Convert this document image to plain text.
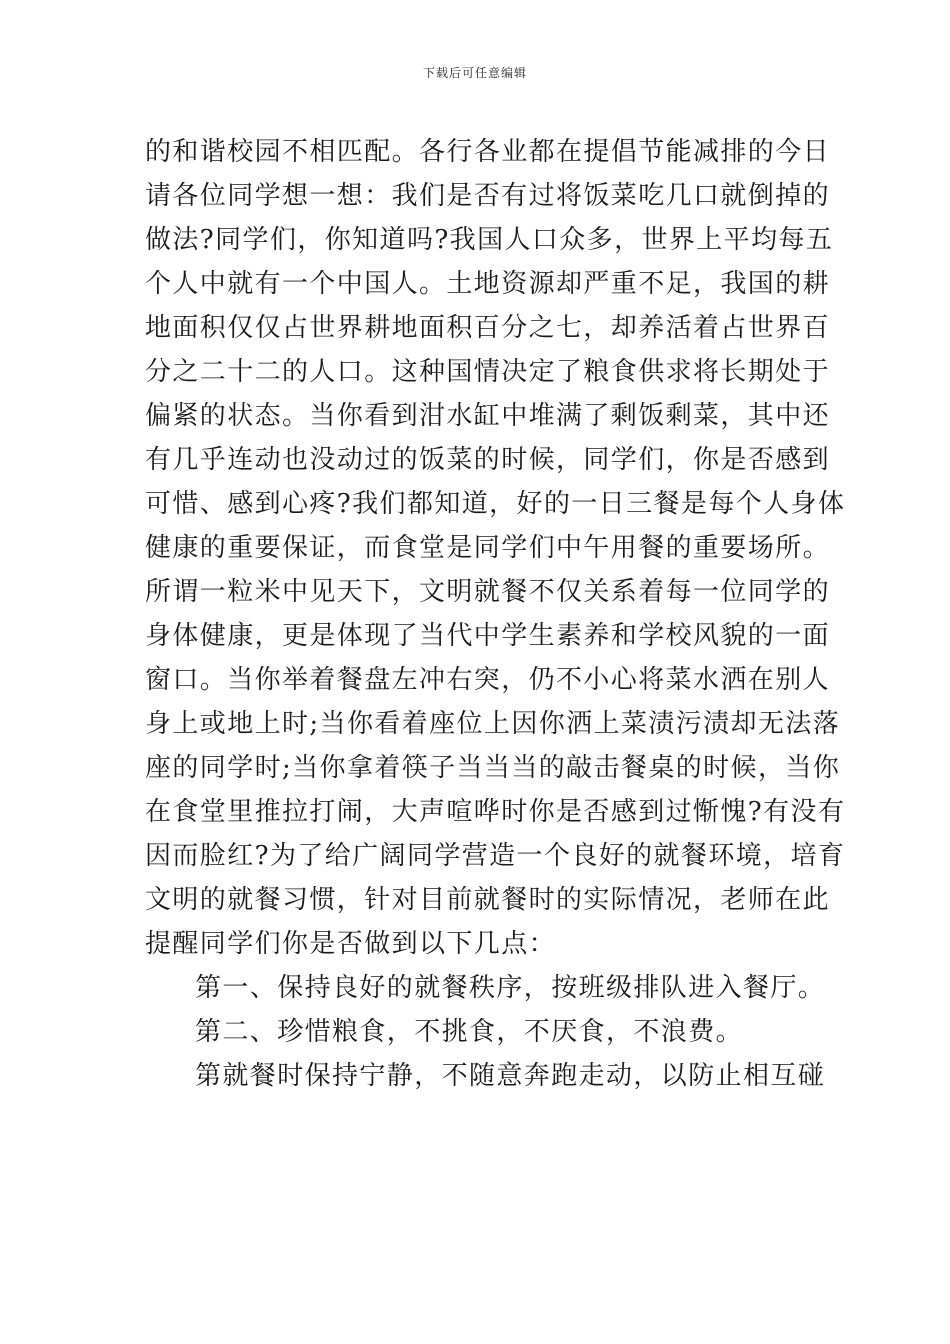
下载后可任意编辑
的和谐校园不相匹配。各行各业都在提倡节能减排的今日
请各位同学想一想：我们是否有过将饭菜吃几口就倒掉的
做法?同学们，你知道吗?我国人口众多，世界上平均每五
个人中就有一个中国人。土地资源却严重不足，我国的耕
地面积仅仅占世界耕地面积百分之七，却养活着占世界百
分之二十二的人口。这种国情决定了粮食供求将长期处于
偏紧的状态。当你看到泔水缸中堆满了剩饭剩菜，其中还
有几乎连动也没动过的饭菜的时候，同学们，你是否感到
可惜、感到心疼?我们都知道，好的一日三餐是每个人身体
健康的重要保证，而食堂是同学们中午用餐的重要场所。
所谓一粒米中见天下，文明就餐不仅关系着每一位同学的
身体健康，更是体现了当代中学生素养和学校风貌的一面
窗口。当你举着餐盘左冲右突，仍不小心将菜水洒在别人
身上或地上时;当你看着座位上因你洒上菜渍污渍却无法落
座的同学时;当你拿着筷子当当当的敲击餐桌的时候，当你
在食堂里推拉打闹，大声喧哗时你是否感到过惭愧?有没有
因而脸红?为了给广阔同学营造一个良好的就餐环境，培育
文明的就餐习惯，针对目前就餐时的实际情况，老师在此
提醒同学们你是否做到以下几点：
第一、保持良好的就餐秩序，按班级排队进入餐厅。
第二、珍惜粮食，不挑食，不厌食，不浪费。
第就餐时保持宁静，不随意奔跑走动，以防止相互碰
